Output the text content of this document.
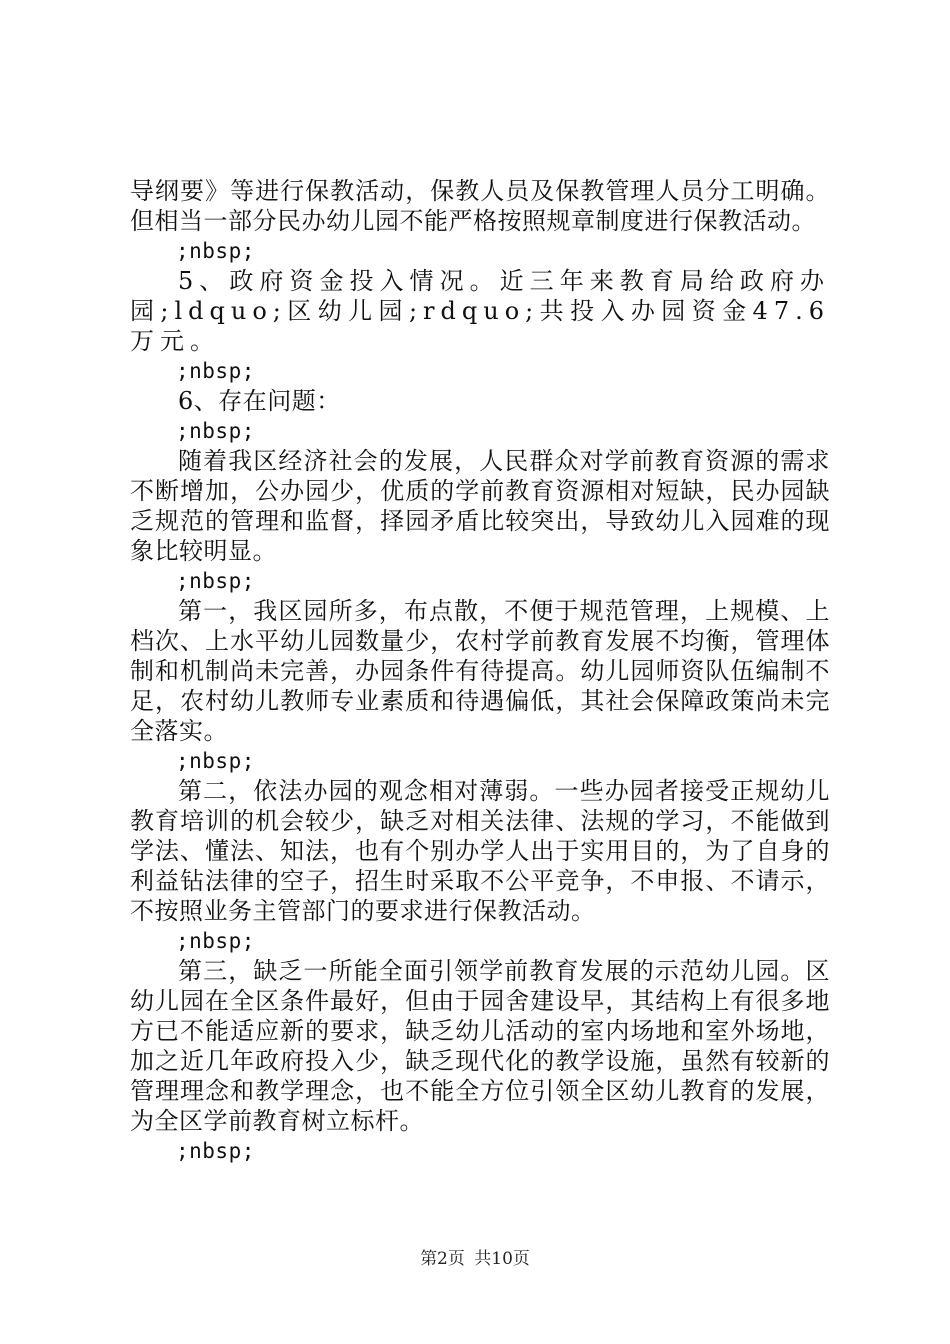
导纲要》等进行保教活动，保教人员及保教管理人员分工明确。但相当一部分民办幼儿园不能严格按照规章制度进行保教活动。

;nbsp;

5、政府资金投入情况。近三年来教育局给政府办园;ldquo;区幼儿园;rdquo;共投入办园资金47.6万元。

;nbsp;

6、存在问题：

;nbsp;

随着我区经济社会的发展，人民群众对学前教育资源的需求不断增加，公办园少，优质的学前教育资源相对短缺，民办园缺乏规范的管理和监督，择园矛盾比较突出，导致幼儿入园难的现象比较明显。

;nbsp;

第一，我区园所多，布点散，不便于规范管理，上规模、上档次、上水平幼儿园数量少，农村学前教育发展不均衡，管理体制和机制尚未完善，办园条件有待提高。幼儿园师资队伍编制不足，农村幼儿教师专业素质和待遇偏低，其社会保障政策尚未完全落实。

;nbsp;

第二，依法办园的观念相对薄弱。一些办园者接受正规幼儿教育培训的机会较少，缺乏对相关法律、法规的学习，不能做到学法、懂法、知法，也有个别办学人出于实用目的，为了自身的利益钻法律的空子，招生时采取不公平竞争，不申报、不请示，不按照业务主管部门的要求进行保教活动。

;nbsp;

第三，缺乏一所能全面引领学前教育发展的示范幼儿园。区幼儿园在全区条件最好，但由于园舍建设早，其结构上有很多地方已不能适应新的要求，缺乏幼儿活动的室内场地和室外场地，加之近几年政府投入少，缺乏现代化的教学设施，虽然有较新的管理理念和教学理念，也不能全方位引领全区幼儿教育的发展，为全区学前教育树立标杆。

;nbsp;

第2页 共10页
